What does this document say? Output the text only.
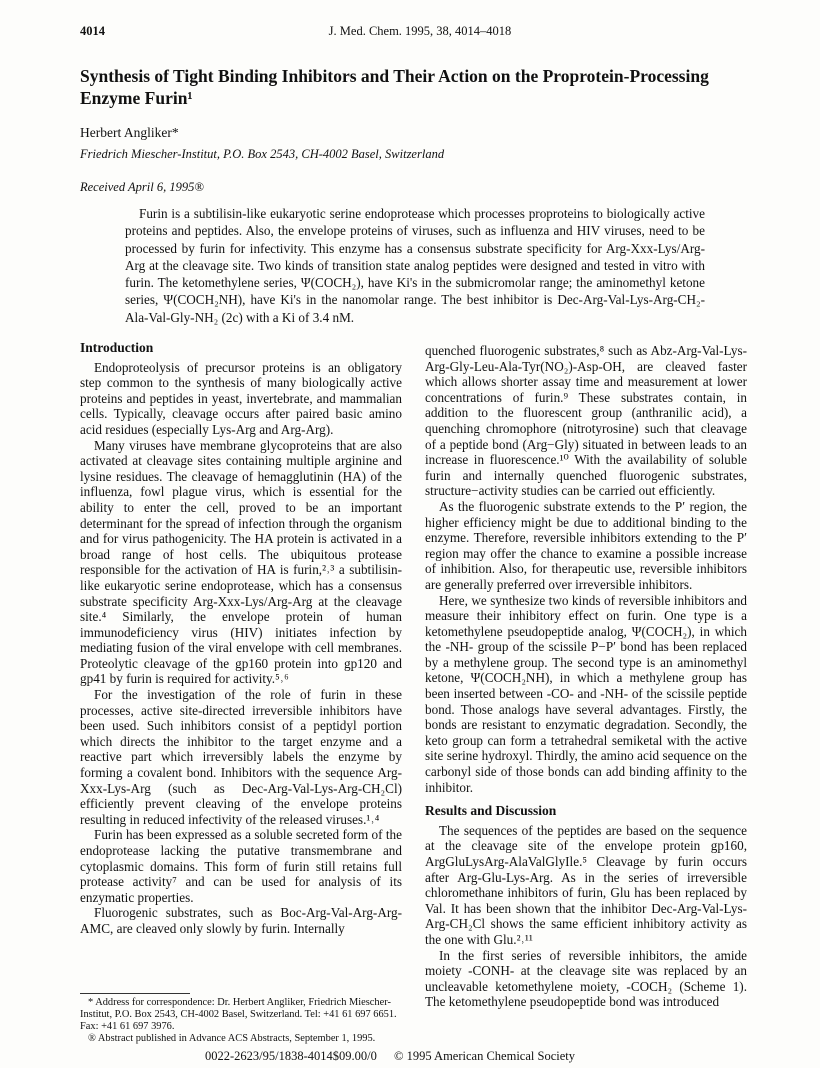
4014	J. Med. Chem. 1995, 38, 4014–4018
Synthesis of Tight Binding Inhibitors and Their Action on the Proprotein-Processing Enzyme Furin¹
Herbert Angliker*
Friedrich Miescher-Institut, P.O. Box 2543, CH-4002 Basel, Switzerland
Received April 6, 1995®

Furin is a subtilisin-like eukaryotic serine endoprotease which processes proproteins to biologically active proteins and peptides. Also, the envelope proteins of viruses, such as influenza and HIV viruses, need to be processed by furin for infectivity. This enzyme has a consensus substrate specificity for Arg-Xxx-Lys/Arg-Arg at the cleavage site. Two kinds of transition state analog peptides were designed and tested in vitro with furin. The ketomethylene series, Ψ(COCH₂), have Ki's in the submicromolar range; the aminomethyl ketone series, Ψ(COCH₂NH), have Ki's in the nanomolar range. The best inhibitor is Dec-Arg-Val-Lys-Arg-CH₂-Ala-Val-Gly-NH₂ (2c) with a Ki of 3.4 nM.

Introduction

Endoproteolysis of precursor proteins is an obligatory step common to the synthesis of many biologically active proteins and peptides in yeast, invertebrate, and mammalian cells. Typically, cleavage occurs after paired basic amino acid residues (especially Lys-Arg and Arg-Arg).

Many viruses have membrane glycoproteins that are also activated at cleavage sites containing multiple arginine and lysine residues. The cleavage of hemagglutinin (HA) of the influenza, fowl plague virus, which is essential for the ability to enter the cell, proved to be an important determinant for the spread of infection through the organism and for virus pathogenicity. The HA protein is activated in a broad range of host cells. The ubiquitous protease responsible for the activation of HA is furin,²˒³ a subtilisin-like eukaryotic serine endoprotease, which has a consensus substrate specificity Arg-Xxx-Lys/Arg-Arg at the cleavage site.⁴ Similarly, the envelope protein of human immunodeficiency virus (HIV) initiates infection by mediating fusion of the viral envelope with cell membranes. Proteolytic cleavage of the gp160 protein into gp120 and gp41 by furin is required for activity.⁵˒⁶

For the investigation of the role of furin in these processes, active site-directed irreversible inhibitors have been used. Such inhibitors consist of a peptidyl portion which directs the inhibitor to the target enzyme and a reactive part which irreversibly labels the enzyme by forming a covalent bond. Inhibitors with the sequence Arg-Xxx-Lys-Arg (such as Dec-Arg-Val-Lys-Arg-CH₂Cl) efficiently prevent cleaving of the envelope proteins resulting in reduced infectivity of the released viruses.¹˒⁴

Furin has been expressed as a soluble secreted form of the endoprotease lacking the putative transmembrane and cytoplasmic domains. This form of furin still retains full protease activity⁷ and can be used for analysis of its enzymatic properties.

Fluorogenic substrates, such as Boc-Arg-Val-Arg-Arg-AMC, are cleaved only slowly by furin. Internally

quenched fluorogenic substrates,⁸ such as Abz-Arg-Val-Lys-Arg-Gly-Leu-Ala-Tyr(NO₂)-Asp-OH, are cleaved faster which allows shorter assay time and measurement at lower concentrations of furin.⁹ These substrates contain, in addition to the fluorescent group (anthranilic acid), a quenching chromophore (nitrotyrosine) such that cleavage of a peptide bond (Arg−Gly) situated in between leads to an increase in fluorescence.¹⁰ With the availability of soluble furin and internally quenched fluorogenic substrates, structure−activity studies can be carried out efficiently.

As the fluorogenic substrate extends to the P′ region, the higher efficiency might be due to additional binding to the enzyme. Therefore, reversible inhibitors extending to the P′ region may offer the chance to examine a possible increase of inhibition. Also, for therapeutic use, reversible inhibitors are generally preferred over irreversible inhibitors.

Here, we synthesize two kinds of reversible inhibitors and measure their inhibitory effect on furin. One type is a ketomethylene pseudopeptide analog, Ψ(COCH₂), in which the -NH- group of the scissile P−P′ bond has been replaced by a methylene group. The second type is an aminomethyl ketone, Ψ(COCH₂NH), in which a methylene group has been inserted between -CO- and -NH- of the scissile peptide bond. Those analogs have several advantages. Firstly, the bonds are resistant to enzymatic degradation. Secondly, the keto group can form a tetrahedral semiketal with the active site serine hydroxyl. Thirdly, the amino acid sequence on the carbonyl side of those bonds can add binding affinity to the inhibitor.

Results and Discussion

The sequences of the peptides are based on the sequence at the cleavage site of the envelope protein gp160, ArgGluLysArg-AlaValGlyIle.⁵ Cleavage by furin occurs after Arg-Glu-Lys-Arg. As in the series of irreversible chloromethane inhibitors of furin, Glu has been replaced by Val. It has been shown that the inhibitor Dec-Arg-Val-Lys-Arg-CH₂Cl shows the same efficient inhibitory activity as the one with Glu.²˒¹¹

In the first series of reversible inhibitors, the amide moiety -CONH- at the cleavage site was replaced by an uncleavable ketomethylene moiety, -COCH₂ (Scheme 1). The ketomethylene pseudopeptide bond was introduced

* Address for correspondence: Dr. Herbert Angliker, Friedrich Miescher-Institut, P.O. Box 2543, CH-4002 Basel, Switzerland. Tel: +41 61 697 6651. Fax: +41 61 697 3976.

® Abstract published in Advance ACS Abstracts, September 1, 1995.

0022-2623/95/1838-4014$09.00/0 © 1995 American Chemical Society
